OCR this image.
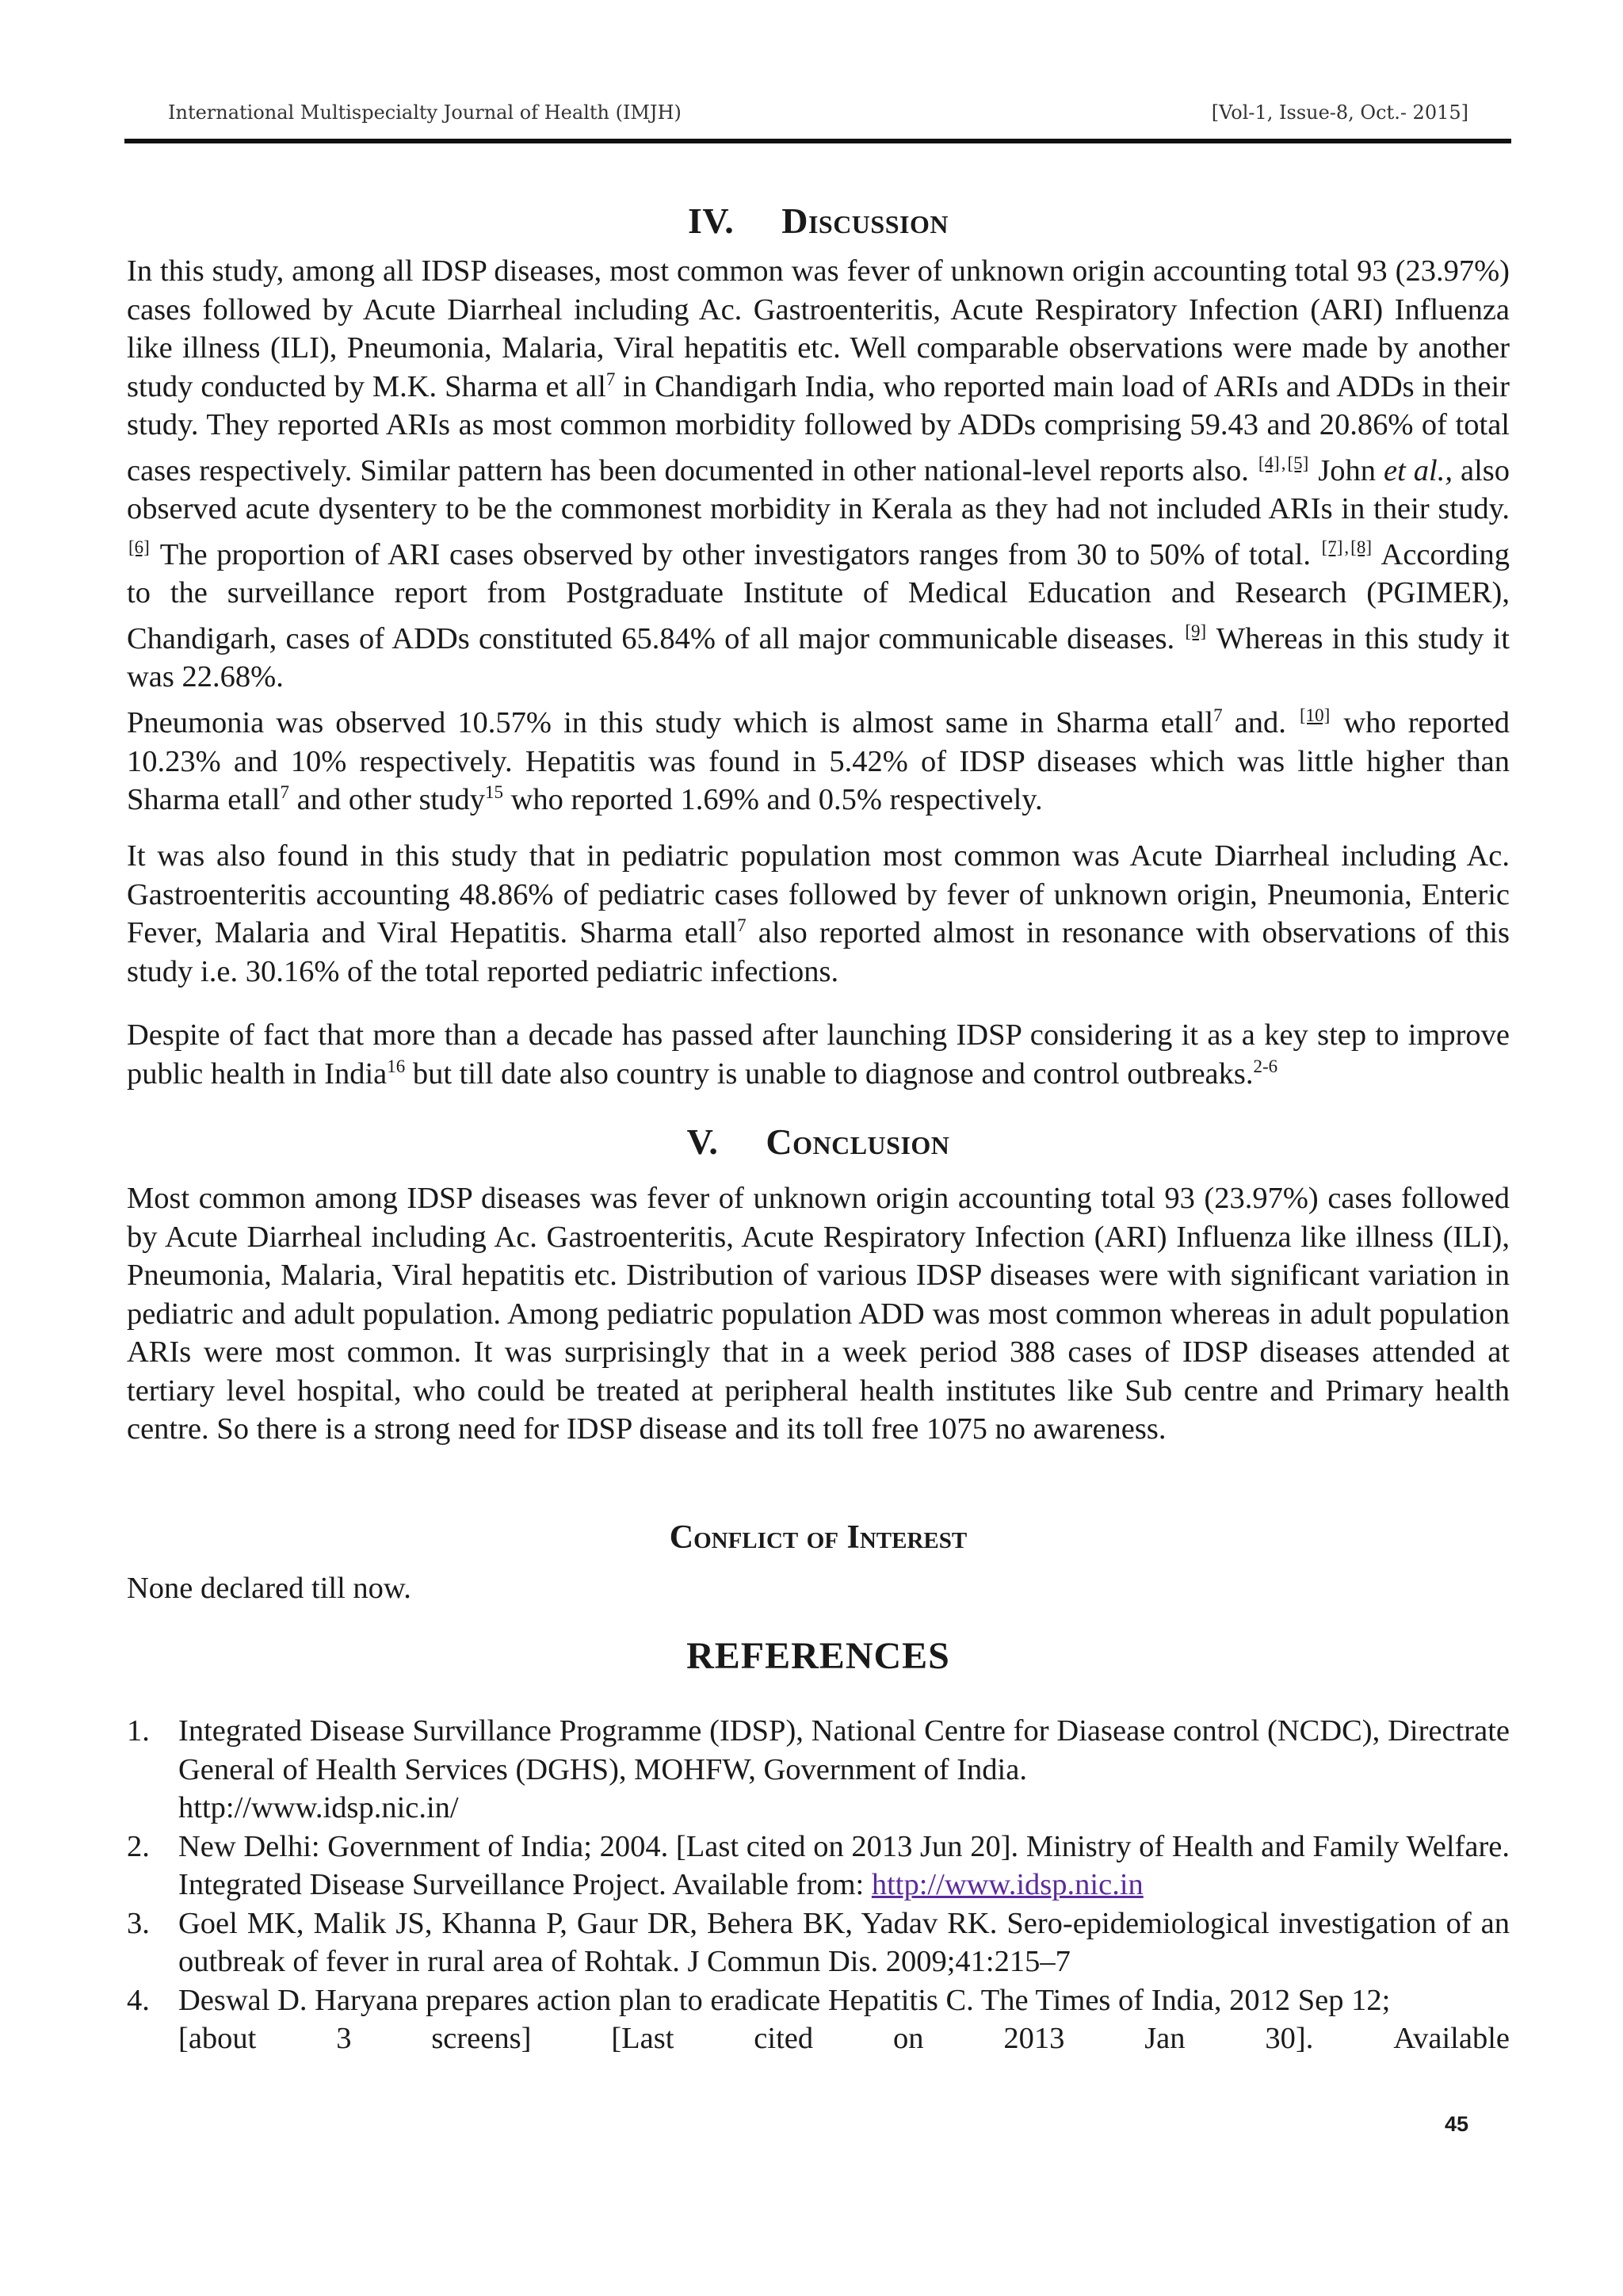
International Multispecialty Journal of Health (IMJH)	[Vol-1, Issue-8, Oct.- 2015]
IV. Discussion
In this study, among all IDSP diseases, most common was fever of unknown origin accounting total 93 (23.97%) cases followed by Acute Diarrheal including Ac. Gastroenteritis, Acute Respiratory Infection (ARI) Influenza like illness (ILI), Pneumonia, Malaria, Viral hepatitis etc. Well comparable observations were made by another study conducted by M.K. Sharma et all$^7$ in Chandigarh India, who reported main load of ARIs and ADDs in their study. They reported ARIs as most common morbidity followed by ADDs comprising 59.43 and 20.86% of total cases respectively. Similar pattern has been documented in other national-level reports also. [4],[5] John et al., also observed acute dysentery to be the commonest morbidity in Kerala as they had not included ARIs in their study. [6] The proportion of ARI cases observed by other investigators ranges from 30 to 50% of total. [7],[8] According to the surveillance report from Postgraduate Institute of Medical Education and Research (PGIMER), Chandigarh, cases of ADDs constituted 65.84% of all major communicable diseases. [9] Whereas in this study it was 22.68%.
Pneumonia was observed 10.57% in this study which is almost same in Sharma etall$^7$ and. [10] who reported 10.23% and 10% respectively. Hepatitis was found in 5.42% of IDSP diseases which was little higher than Sharma etall$^7$ and other study$^{15}$ who reported 1.69% and 0.5% respectively.
It was also found in this study that in pediatric population most common was Acute Diarrheal including Ac. Gastroenteritis accounting 48.86% of pediatric cases followed by fever of unknown origin, Pneumonia, Enteric Fever, Malaria and Viral Hepatitis. Sharma etall$^7$ also reported almost in resonance with observations of this study i.e. 30.16% of the total reported pediatric infections.
Despite of fact that more than a decade has passed after launching IDSP considering it as a key step to improve public health in India$^{16}$ but till date also country is unable to diagnose and control outbreaks.$^{2-6}$
V. Conclusion
Most common among IDSP diseases was fever of unknown origin accounting total 93 (23.97%) cases followed by Acute Diarrheal including Ac. Gastroenteritis, Acute Respiratory Infection (ARI) Influenza like illness (ILI), Pneumonia, Malaria, Viral hepatitis etc. Distribution of various IDSP diseases were with significant variation in pediatric and adult population. Among pediatric population ADD was most common whereas in adult population ARIs were most common. It was surprisingly that in a week period 388 cases of IDSP diseases attended at tertiary level hospital, who could be treated at peripheral health institutes like Sub centre and Primary health centre. So there is a strong need for IDSP disease and its toll free 1075 no awareness.
Conflict of Interest
None declared till now.
REFERENCES
1. Integrated Disease Survillance Programme (IDSP), National Centre for Diasease control (NCDC), Directrate General of Health Services (DGHS), MOHFW, Government of India.
http://www.idsp.nic.in/
2. New Delhi: Government of India; 2004. [Last cited on 2013 Jun 20]. Ministry of Health and Family Welfare. Integrated Disease Surveillance Project. Available from: http://www.idsp.nic.in
3. Goel MK, Malik JS, Khanna P, Gaur DR, Behera BK, Yadav RK. Sero-epidemiological investigation of an outbreak of fever in rural area of Rohtak. J Commun Dis. 2009;41:215–7
4. Deswal D. Haryana prepares action plan to eradicate Hepatitis C. The Times of India, 2012 Sep 12;
[about	3	screens]	[Last	cited	on	2013	Jan	30].	Available
45
